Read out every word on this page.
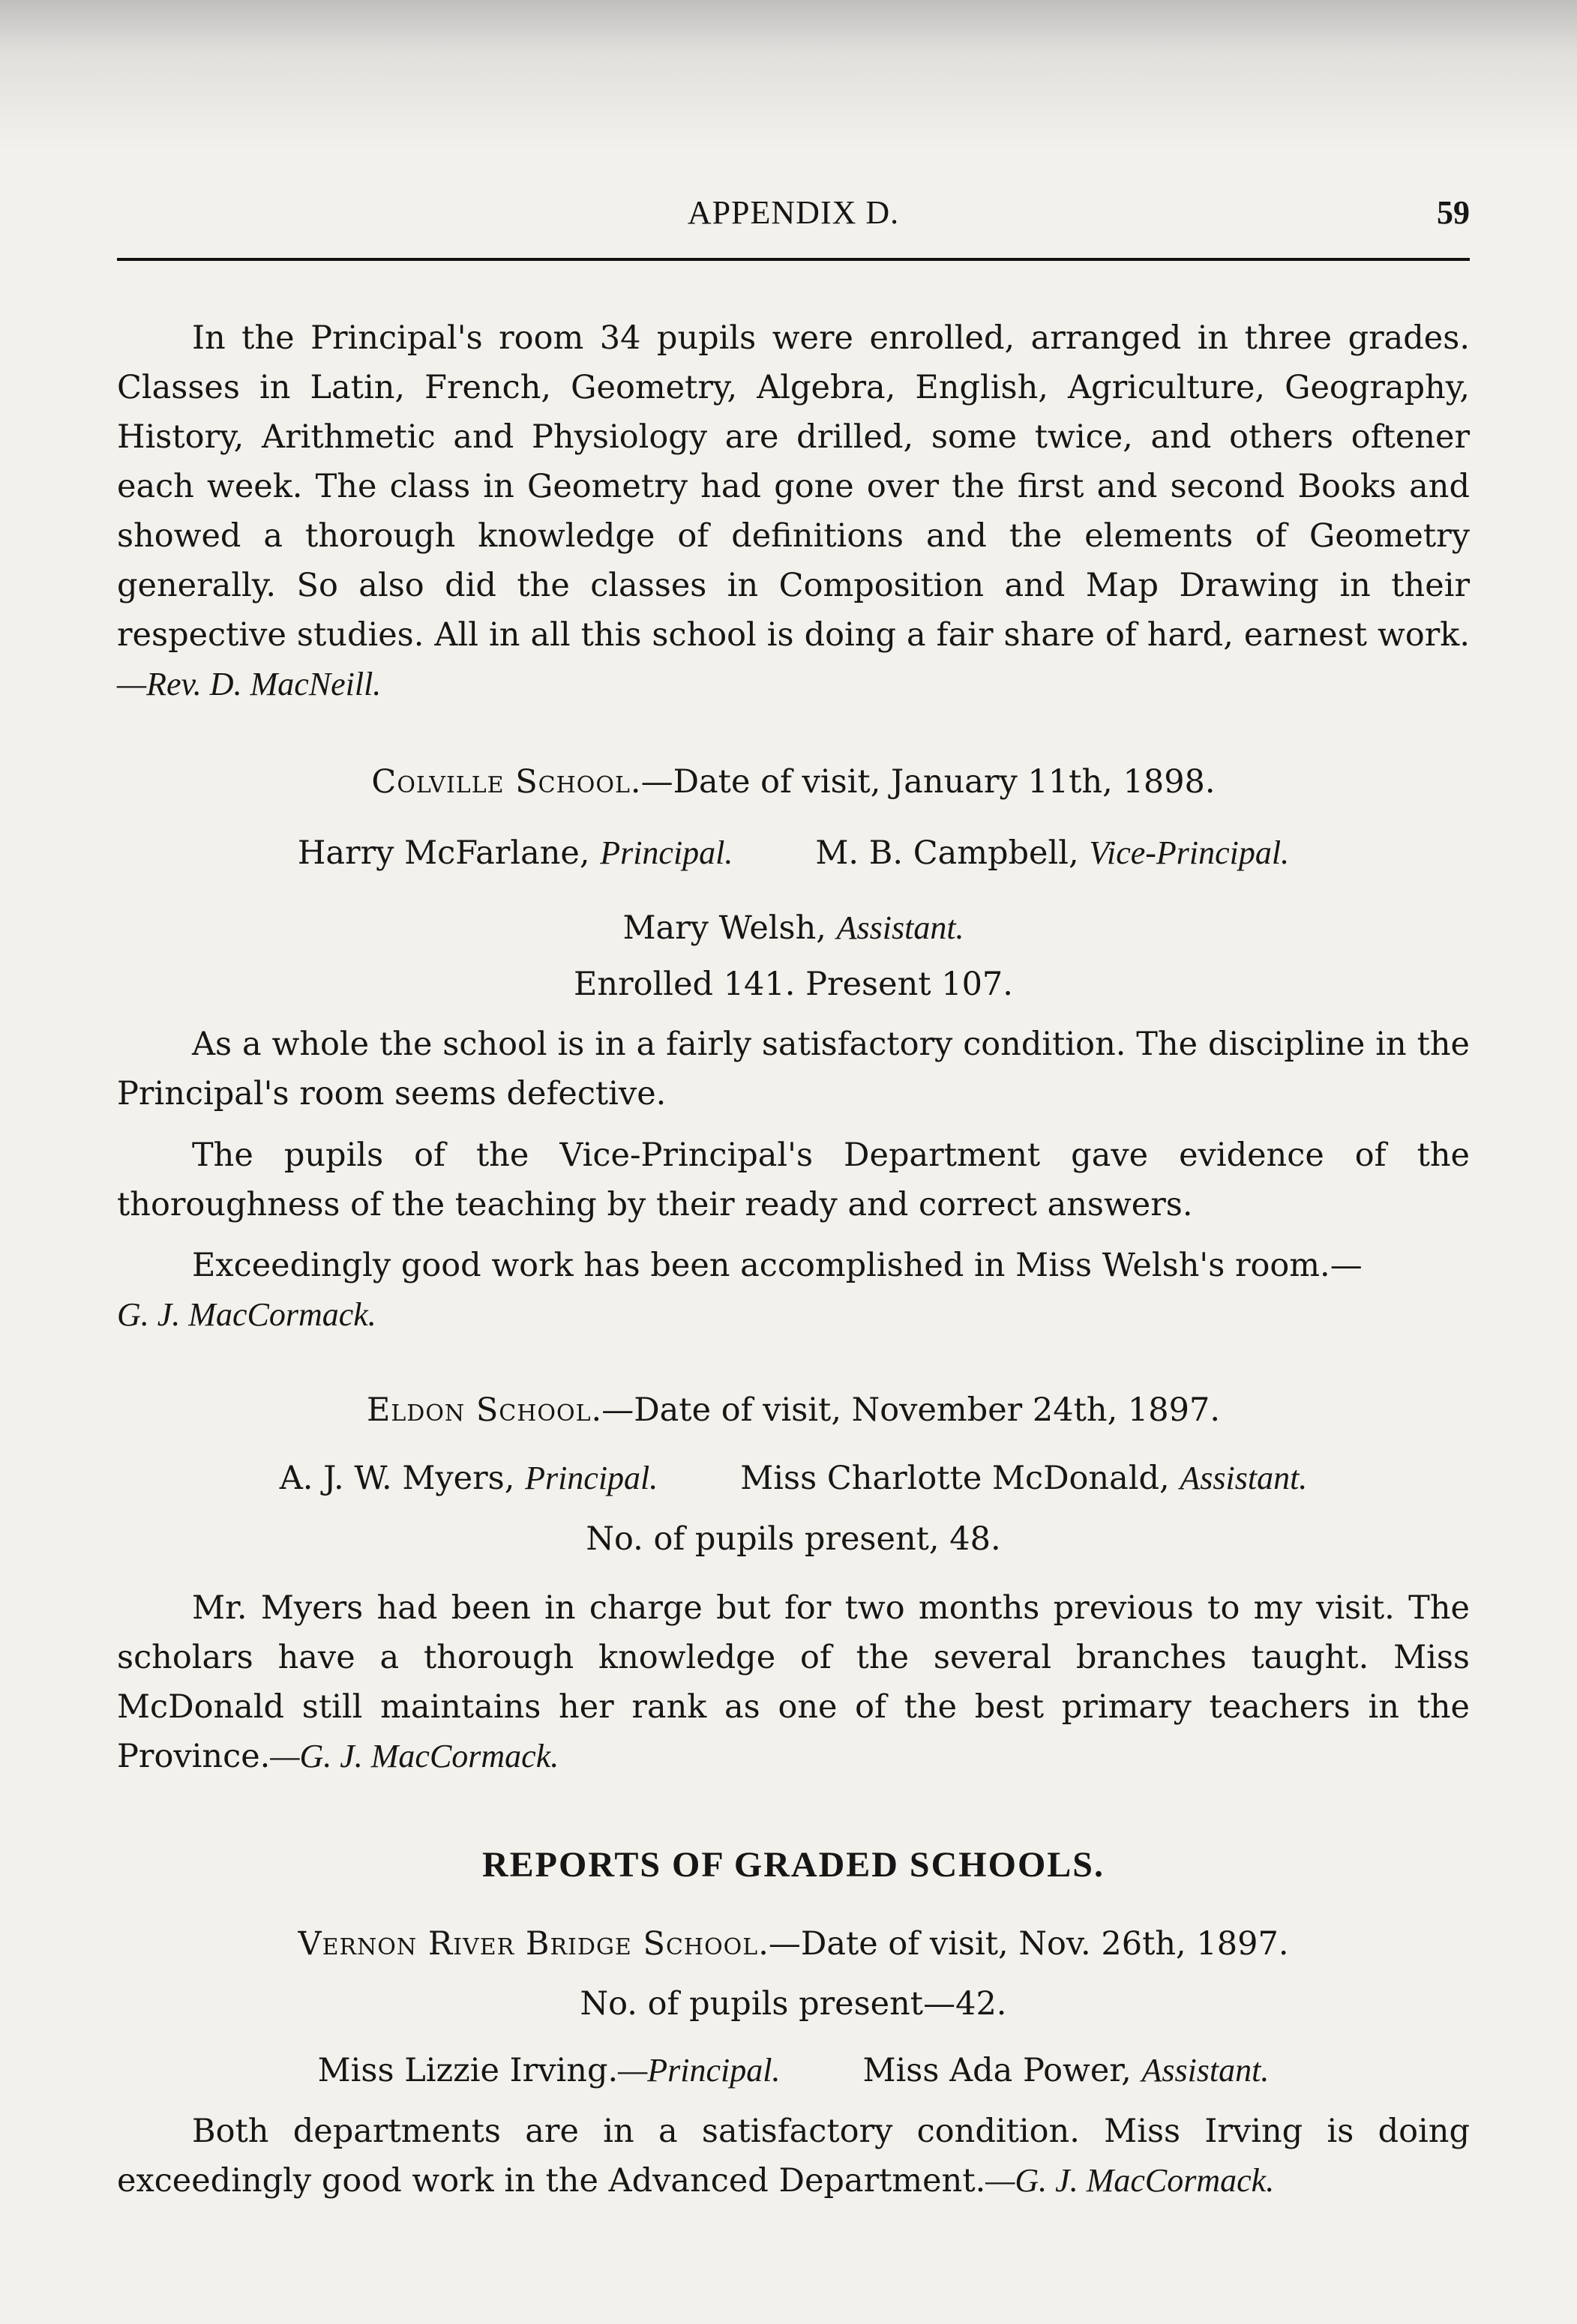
APPENDIX D.	59
In the Principal's room 34 pupils were enrolled, arranged in three grades. Classes in Latin, French, Geometry, Algebra, English, Agriculture, Geography, History, Arithmetic and Physiology are drilled, some twice, and others oftener each week. The class in Geometry had gone over the first and second Books and showed a thorough knowledge of definitions and the elements of Geometry generally. So also did the classes in Composition and Map Drawing in their respective studies. All in all this school is doing a fair share of hard, earnest work.—Rev. D. MacNeill.
Colville School.—Date of visit, January 11th, 1898.
Harry McFarlane, Principal.	M. B. Campbell, Vice-Principal.
Mary Welsh, Assistant.
Enrolled 141. Present 107.
As a whole the school is in a fairly satisfactory condition. The discipline in the Principal's room seems defective.
The pupils of the Vice-Principal's Department gave evidence of the thoroughness of the teaching by their ready and correct answers.
Exceedingly good work has been accomplished in Miss Welsh's room.—
G. J. MacCormack.
Eldon School.—Date of visit, November 24th, 1897.
A. J. W. Myers, Principal.	Miss Charlotte McDonald, Assistant.
No. of pupils present, 48.
Mr. Myers had been in charge but for two months previous to my visit. The scholars have a thorough knowledge of the several branches taught. Miss McDonald still maintains her rank as one of the best primary teachers in the Province.—G. J. MacCormack.
REPORTS OF GRADED SCHOOLS.
Vernon River Bridge School.—Date of visit, Nov. 26th, 1897.
No. of pupils present—42.
Miss Lizzie Irving.—Principal.	Miss Ada Power, Assistant.
Both departments are in a satisfactory condition. Miss Irving is doing exceedingly good work in the Advanced Department.—G. J. MacCormack.
